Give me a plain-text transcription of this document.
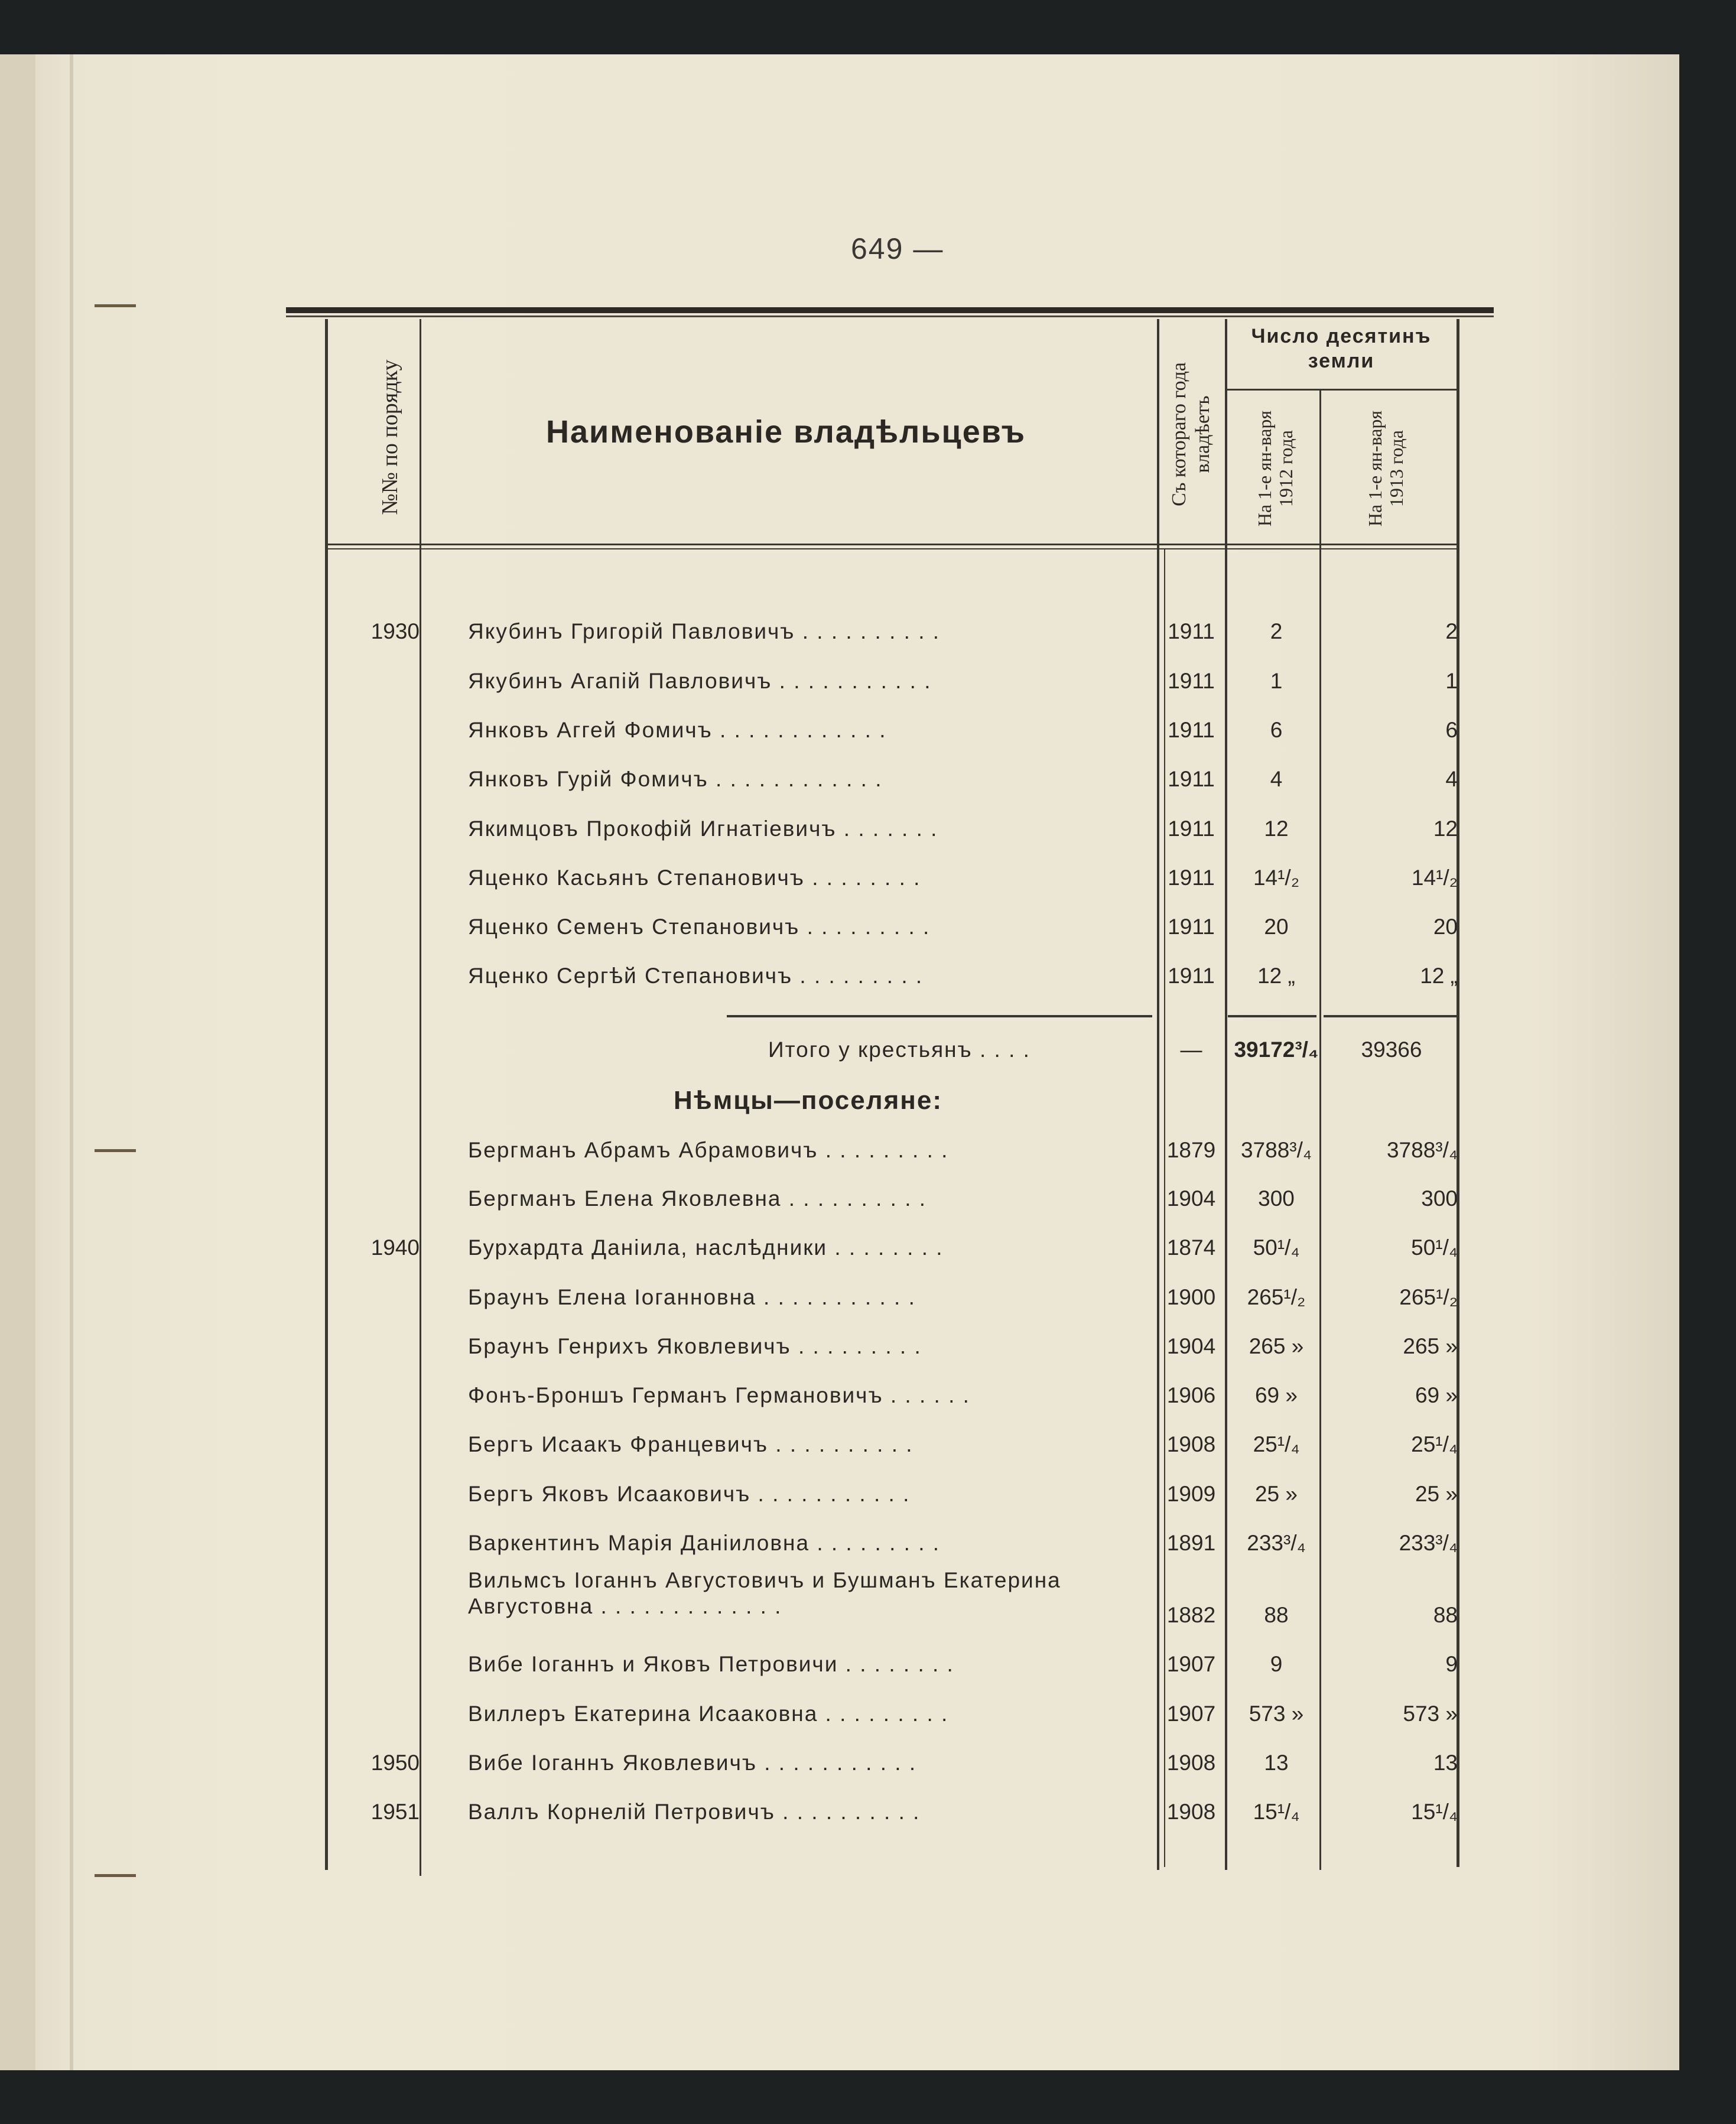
649 —
№№ по порядку	Наименованіе владѣльцевъ	Съ котораго года владѣетъ
Число десятинъ земли
На 1-е ян-варя 1912 года	На 1-е ян-варя 1913 года
1930 Якубинъ Григорій Павловичъ . . . . . . . . . .	1911	2	2
Якубинъ Агапій Павловичъ . . . . . . . . . . .	1911	1	1
Янковъ Аггей Фомичъ . . . . . . . . . . . .	1911	6	6
Янковъ Гурій Фомичъ . . . . . . . . . . . .	1911	4	4
Якимцовъ Прокофій Игнатіевичъ . . . . . . .	1911	12	12
Яценко Касьянъ Степановичъ . . . . . . . .	1911	14¹/₂	14¹/₂
Яценко Семенъ Степановичъ . . . . . . . . .	1911	20	20
Яценко Сергѣй Степановичъ . . . . . . . . .	1911	12 „	12 „
Итого у крестьянъ . . . .	—	39172³/₄	39366
Нѣмцы—поселяне:
Бергманъ Абрамъ Абрамовичъ . . . . . . . . .	1879	3788³/₄	3788³/₄
Бергманъ Елена Яковлевна . . . . . . . . . .	1904	300	300
1940 Бурхардта Даніила, наслѣдники . . . . . . . .	1874	50¹/₄	50¹/₄
Браунъ Елена Іоганновна . . . . . . . . . . .	1900	265¹/₂	265¹/₂
Браунъ Генрихъ Яковлевичъ . . . . . . . . .	1904	265 »	265 »
Фонъ-Броншъ Германъ Германовичъ . . . . . .	1906	69 »	69 »
Бергъ Исаакъ Францевичъ . . . . . . . . . .	1908	25¹/₄	25¹/₄
Бергъ Яковъ Исааковичъ . . . . . . . . . . .	1909	25 »	25 »
Варкентинъ Марія Даніиловна . . . . . . . . .	1891	233³/₄	233³/₄
Вильмсъ Іоганнъ Августовичъ и Бушманъ Екатерина Августовна . . . . . . . . . . . . .	1882	88	88
Вибе Іоганнъ и Яковъ Петровичи . . . . . . . .	1907	9	9
Виллеръ Екатерина Исааковна . . . . . . . . .	1907	573 »	573 »
1950 Вибе Іоганнъ Яковлевичъ . . . . . . . . . . .	1908	13	13
1951 Валлъ Корнелій Петровичъ . . . . . . . . . .	1908	15¹/₄	15¹/₄
